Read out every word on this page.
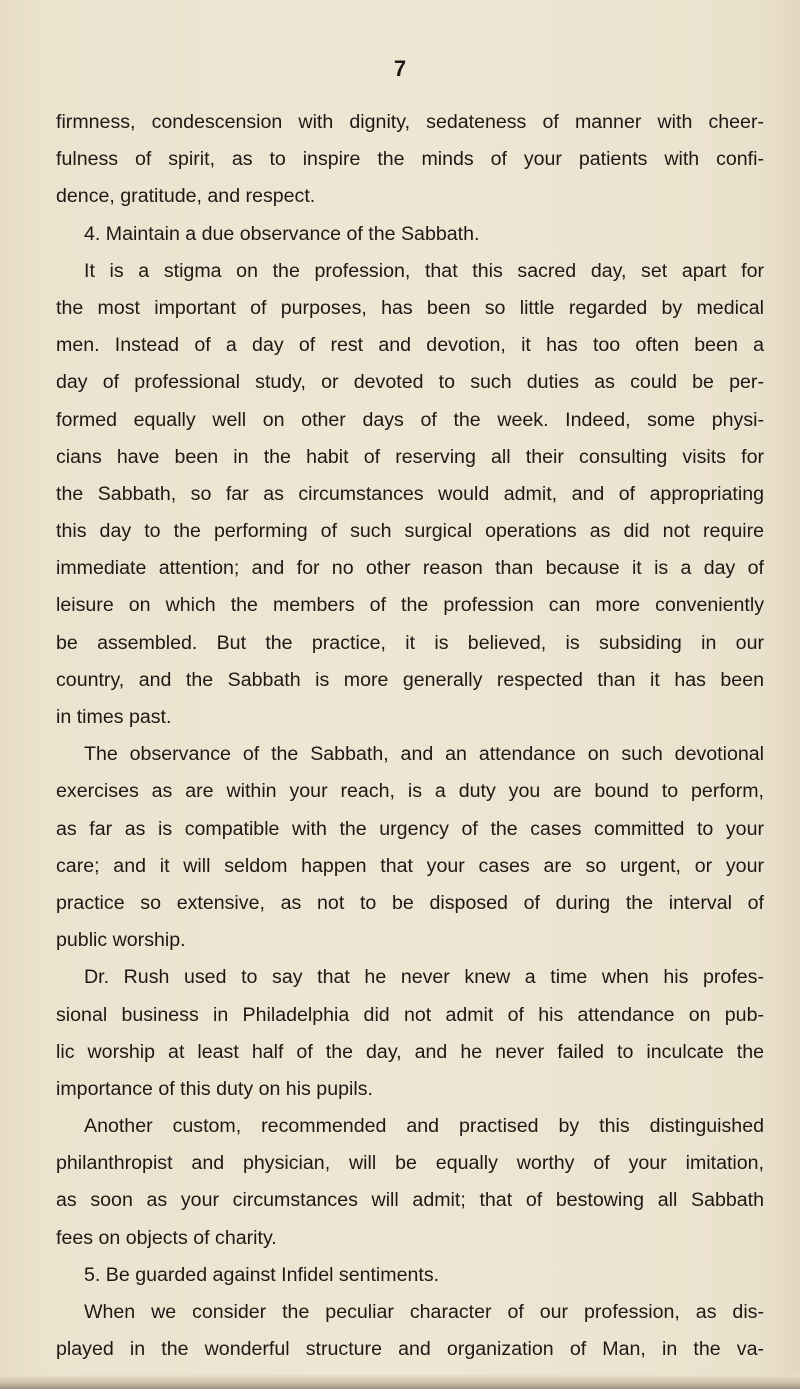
7
firmness, condescension with dignity, sedateness of manner with cheer-
fulness of spirit, as to inspire the minds of your patients with confi-
dence, gratitude, and respect.
4. Maintain a due observance of the Sabbath.
It is a stigma on the profession, that this sacred day, set apart for
the most important of purposes, has been so little regarded by medical
men. Instead of a day of rest and devotion, it has too often been a
day of professional study, or devoted to such duties as could be per-
formed equally well on other days of the week. Indeed, some physi-
cians have been in the habit of reserving all their consulting visits for
the Sabbath, so far as circumstances would admit, and of appropriating
this day to the performing of such surgical operations as did not require
immediate attention; and for no other reason than because it is a day of
leisure on which the members of the profession can more conveniently
be assembled. But the practice, it is believed, is subsiding in our
country, and the Sabbath is more generally respected than it has been
in times past.
The observance of the Sabbath, and an attendance on such devotional
exercises as are within your reach, is a duty you are bound to perform,
as far as is compatible with the urgency of the cases committed to your
care; and it will seldom happen that your cases are so urgent, or your
practice so extensive, as not to be disposed of during the interval of
public worship.
Dr. Rush used to say that he never knew a time when his profes-
sional business in Philadelphia did not admit of his attendance on pub-
lic worship at least half of the day, and he never failed to inculcate the
importance of this duty on his pupils.
Another custom, recommended and practised by this distinguished
philanthropist and physician, will be equally worthy of your imitation,
as soon as your circumstances will admit; that of bestowing all Sabbath
fees on objects of charity.
5. Be guarded against Infidel sentiments.
When we consider the peculiar character of our profession, as dis-
played in the wonderful structure and organization of Man, in the va-
